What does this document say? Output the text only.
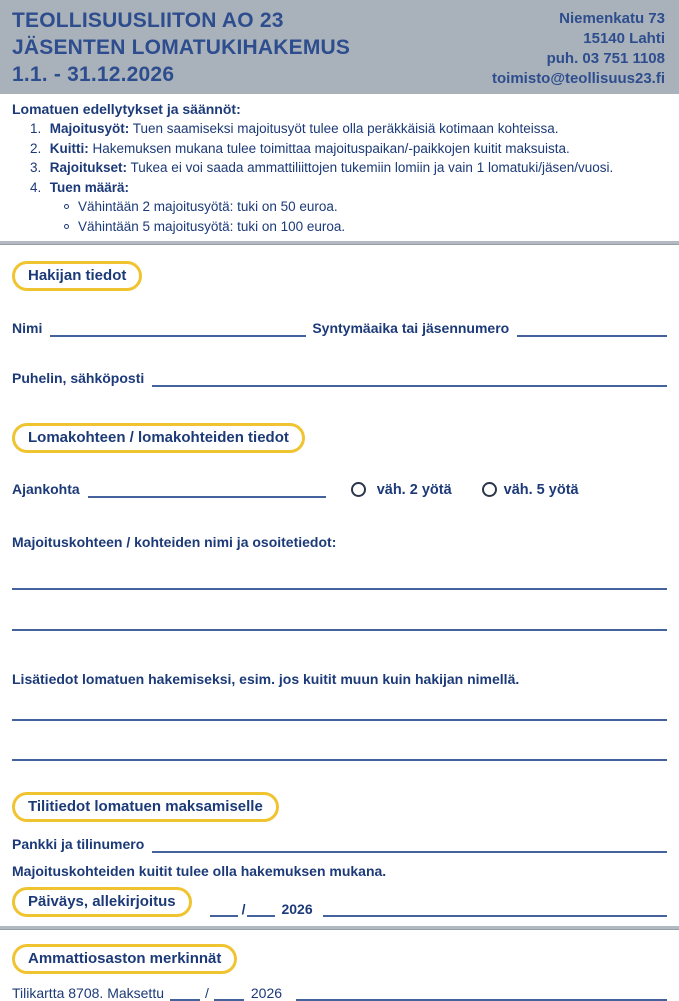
TEOLLISUUSLIITON AO 23
JÄSENTEN LOMATUKIHAKEMUS
1.1. - 31.12.2026
Niemenkatu 73
15140 Lahti
puh. 03 751 1108
toimisto@teollisuus23.fi
Lomatuen edellytykset ja säännöt:
1. Majoitusyöt: Tuen saamiseksi majoitusyöt tulee olla peräkkäisiä kotimaan kohteissa.
2. Kuitti: Hakemuksen mukana tulee toimittaa majoituspaikan/-paikkojen kuitit maksuista.
3. Rajoitukset: Tukea ei voi saada ammattiliittojen tukemiin lomiin ja vain 1 lomatuki/jäsen/vuosi.
4. Tuen määrä:
Vähintään 2 majoitusyötä: tuki on 50 euroa.
Vähintään 5 majoitusyötä: tuki on 100 euroa.
Hakijan tiedot
Nimi	Syntymäaika tai jäsennumero
Puhelin, sähköposti
Lomakohteen / lomakohteiden tiedot
Ajankohta	väh. 2 yötä	väh. 5 yötä
Majoituskohteen / kohteiden nimi ja osoitetiedot:
Lisätiedot lomatuen hakemiseksi, esim. jos kuitit muun kuin hakijan nimellä.
Tilitiedot lomatuen maksamiselle
Pankki ja tilinumero
Majoituskohteiden kuitit tulee olla hakemuksen mukana.
Päiväys, allekirjoitus	/	2026
Ammattiosaston merkinnät
Tilikartta 8708. Maksettu	/	2026
